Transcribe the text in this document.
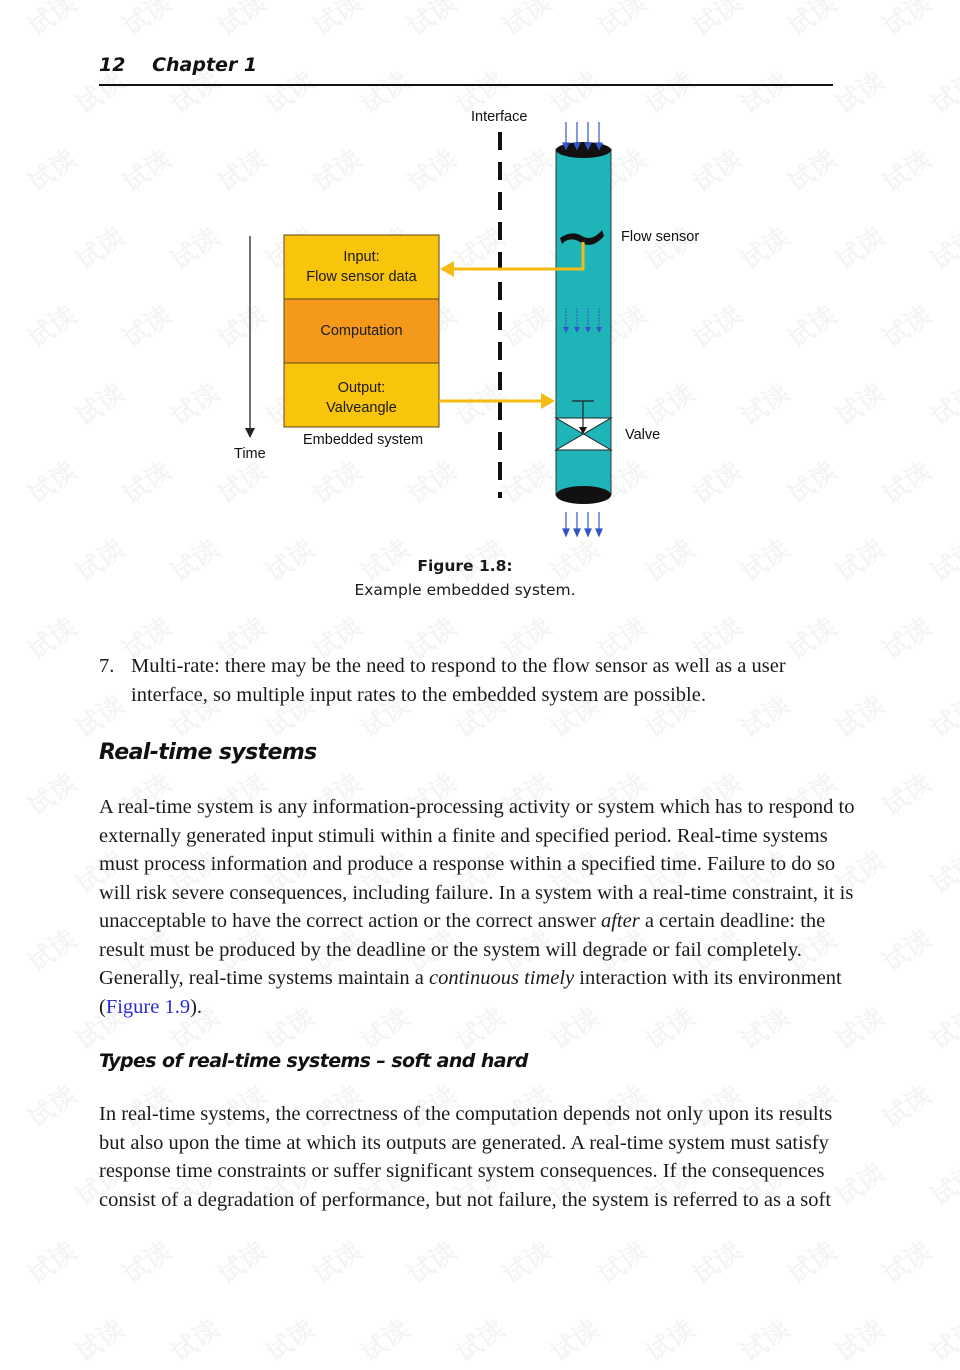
12 Chapter 1
Interface
Flow sensor
Valve
Time
Embedded system
Input:
Flow sensor data
Computation
Output:
Valveangle
Figure 1.8:
Example embedded system.
7. Multi-rate: there may be the need to respond to the flow sensor as well as a user
interface, so multiple input rates to the embedded system are possible.
Real-time systems
A real-time system is any information-processing activity or system which has to respond to
externally generated input stimuli within a finite and specified period. Real-time systems
must process information and produce a response within a specified time. Failure to do so
will risk severe consequences, including failure. In a system with a real-time constraint, it is
unacceptable to have the correct action or the correct answer after a certain deadline: the
result must be produced by the deadline or the system will degrade or fail completely.
Generally, real-time systems maintain a continuous timely interaction with its environment
(Figure 1.9).
Types of real-time systems – soft and hard
In real-time systems, the correctness of the computation depends not only upon its results
but also upon the time at which its outputs are generated. A real-time system must satisfy
response time constraints or suffer significant system consequences. If the consequences
consist of a degradation of performance, but not failure, the system is referred to as a soft
